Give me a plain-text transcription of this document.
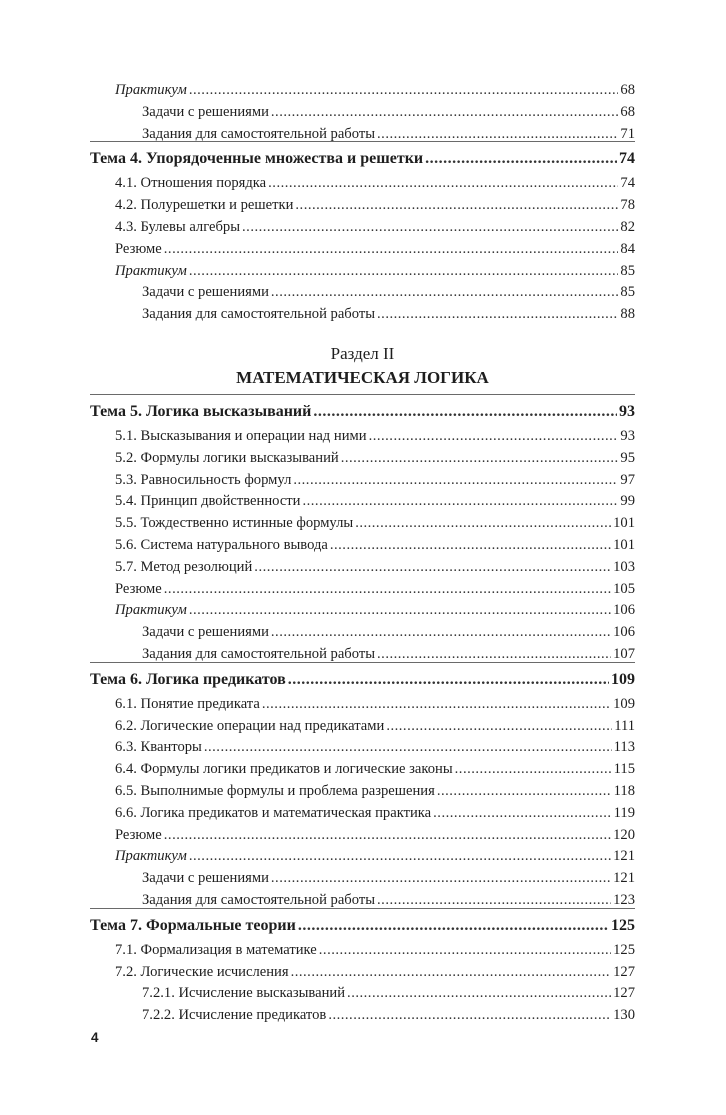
Практикум .....	68
Задачи с решениями .....	68
Задания для самостоятельной работы .....	71
Тема 4. Упорядоченные множества и решетки .....	74
4.1. Отношения порядка .....	74
4.2. Полурешетки и решетки .....	78
4.3. Булевы алгебры .....	82
Резюме .....	84
Практикум .....	85
Задачи с решениями .....	85
Задания для самостоятельной работы .....	88
Тема 5. Логика высказываний .....	93
5.1. Высказывания и операции над ними .....	93
5.2. Формулы логики высказываний .....	95
5.3. Равносильность формул .....	97
5.4. Принцип двойственности .....	99
5.5. Тождественно истинные формулы .....	101
5.6. Система натурального вывода .....	101
5.7. Метод резолюций .....	103
Резюме .....	105
Практикум .....	106
Задачи с решениями .....	106
Задания для самостоятельной работы .....	107
Тема 6. Логика предикатов .....	109
6.1. Понятие предиката .....	109
6.2. Логические операции над предикатами .....	111
6.3. Кванторы .....	113
6.4. Формулы логики предикатов и логические законы .....	115
6.5. Выполнимые формулы и проблема разрешения .....	118
6.6. Логика предикатов и математическая практика .....	119
Резюме .....	120
Практикум .....	121
Задачи с решениями .....	121
Задания для самостоятельной работы .....	123
Тема 7. Формальные теории .....	125
7.1. Формализация в математике .....	125
7.2. Логические исчисления .....	127
7.2.1. Исчисление высказываний .....	127
7.2.2. Исчисление предикатов .....	130
Раздел II
МАТЕМАТИЧЕСКАЯ ЛОГИКА
4
